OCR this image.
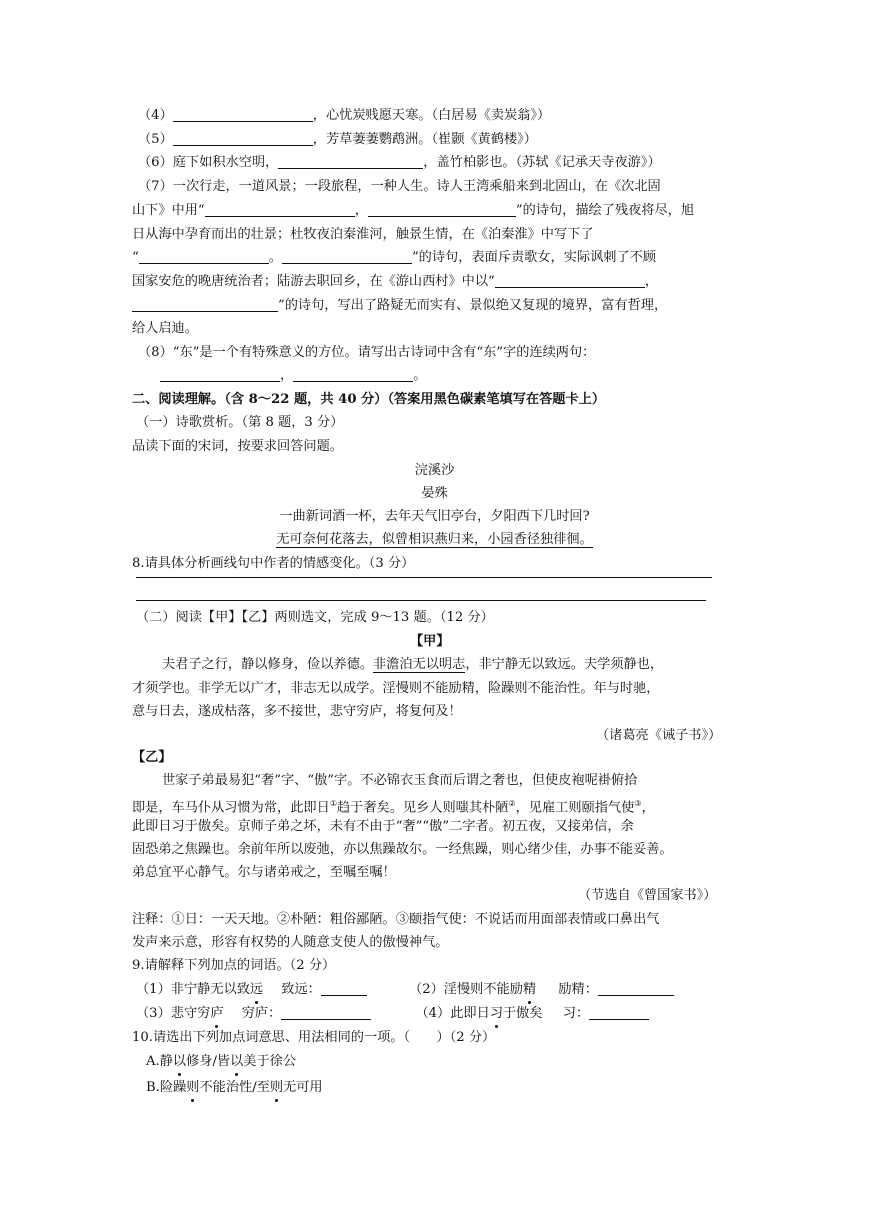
（4）	，心忧炭贱愿天寒。（白居易《卖炭翁》）
（5）	，芳草萋萋鹦鹉洲。（崔颢《黄鹤楼》）
（6）庭下如积水空明，	，盖竹柏影也。（苏轼《记承天寺夜游》）
（7）一次行走，一道风景；一段旅程，一种人生。诗人王湾乘船来到北固山，在《次北固
山下》中用“	，	”的诗句，描绘了残夜将尽，旭
日从海中孕育而出的壮景；杜牧夜泊秦淮河，触景生情，在《泊秦淮》中写下了
“	。	”的诗句，表面斥责歌女，实际讽刺了不顾
国家安危的晚唐统治者；陆游去职回乡，在《游山西村》中以“	，
”的诗句，写出了路疑无而实有、景似绝又复现的境界，富有哲理，
给人启迪。
（8）“东”是一个有特殊意义的方位。请写出古诗词中含有“东”字的连续两句：
，	。
二、阅读理解。（含 8～22 题，共 40 分）（答案用黑色碳素笔填写在答题卡上）
（一）诗歌赏析。（第 8 题，3 分）
品读下面的宋词，按要求回答问题。
浣溪沙
晏殊
一曲新词酒一杯，去年天气旧亭台，夕阳西下几时回?
无可奈何花落去，似曾相识燕归来，小园香径独徘徊。
8.请具体分析画线句中作者的情感变化。（3 分）
（二）阅读【甲】【乙】两则选文，完成 9～13 题。（12 分）
【甲】
夫君子之行，静以修身，俭以养德。非澹泊无以明志，非宁静无以致远。夫学须静也，
才须学也。非学无以广才，非志无以成学。淫慢则不能励精，险躁则不能治性。年与时驰，
意与日去，遂成枯落，多不接世，悲守穷庐，将复何及！
（诸葛亮《诫子书》）
【乙】
世家子弟最易犯“奢”字、“傲”字。不必锦衣玉食而后谓之奢也，但使皮袍呢褂俯拾
即是，车马仆从习惯为常，此即日①趋于奢矣。见乡人则嗤其朴陋②，见雇工则颐指气使③，
此即日习于傲矣。京师子弟之坏，未有不由于“奢”“傲”二字者。初五夜，又接弟信，余
固恐弟之焦躁也。余前年所以废弛，亦以焦躁故尔。一经焦躁，则心绪少佳，办事不能妥善。
弟总宜平心静气。尔与诸弟戒之，至嘱至嘱！
（节选自《曾国家书》）
注释：①日：一天天地。②朴陋：粗俗鄙陋。③颐指气使：不说话而用面部表情或口鼻出气
发声来示意，形容有权势的人随意支使人的傲慢神气。
9.请解释下列加点的词语。（2 分）
（1）非宁静无以致远 致远：	（2）淫慢则不能励精 励精：
（3）悲守穷庐 穷庐：	（4）此即日习于傲矣 习：
10.请选出下列加点词意思、用法相同的一项。（　　）（2 分）
A.静以修身/皆以美于徐公
B.险躁则不能治性/至则无可用
